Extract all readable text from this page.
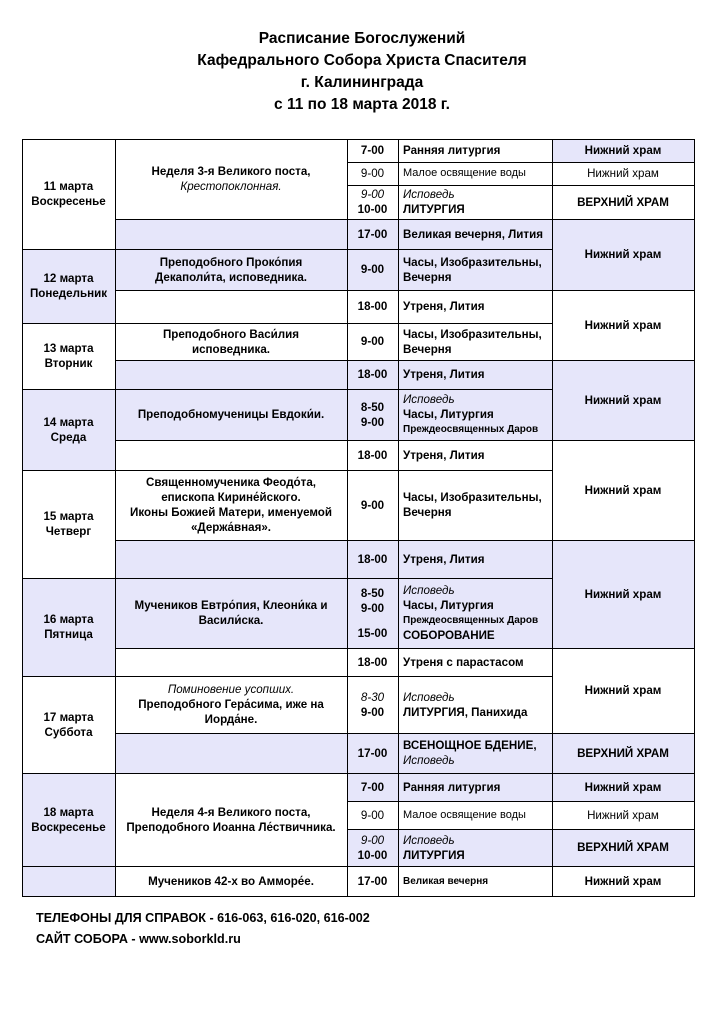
Расписание Богослужений
Кафедрального Собора Христа Спасителя
г. Калининграда
с 11 по 18 марта 2018 г.
11 марта
Воскресенье
12 марта
Понедельник
13 марта
Вторник
14 марта
Среда
15 марта
Четверг
16 марта
Пятница
17 марта
Суббота
18 марта
Воскресенье
Неделя 3-я Великого поста,
Крестопоклонная.
Преподобного Проко́пия
Декаполи́та, исповедника.
Преподобного Васи́лия
исповедника.
Преподобномученицы Евдоки́и.
Священномученика Феодо́та,
епископа Кирине́йского.
Иконы Божией Матери, именуемой
«Держа́вная».
Мучеников Евтро́пия, Клеони́ка и
Васили́ска.
Поминовение усопших.
Преподобного Гера́сима, иже на
Иорда́не.
Неделя 4-я Великого поста,
Преподобного Иоанна Ле́ствичника.
Мучеников 42-х во Амморе́е.
7-00 Ранняя литургия
9-00 Малое освящение воды
9-00
10-00
Исповедь
ЛИТУРГИЯ
17-00 Великая вечерня, Лития
9-00
Часы, Изобразительны,
Вечерня
18-00 Утреня, Лития
9-00
Часы, Изобразительны,
Вечерня
18-00 Утреня, Лития
8-50
9-00
Исповедь
Часы, Литургия
Преждеосвященных Даров
18-00 Утреня, Лития
9-00
Часы, Изобразительны,
Вечерня
18-00 Утреня, Лития
8-50
9-00
15-00
Исповедь
Часы, Литургия
Преждеосвященных Даров
СОБОРОВАНИЕ
18-00 Утреня с парастасом
8-30
9-00
Исповедь
ЛИТУРГИЯ, Панихида
17-00
ВСЕНОЩНОЕ БДЕНИЕ,
Исповедь
7-00 Ранняя литургия
9-00 Малое освящение воды
9-00
10-00
Исповедь
ЛИТУРГИЯ
17-00 Великая вечерня
Нижний храм
Нижний храм
ВЕРХНИЙ ХРАМ
Нижний храм
Нижний храм
Нижний храм
Нижний храм
Нижний храм
Нижний храм
ВЕРХНИЙ ХРАМ
Нижний храм
Нижний храм
ВЕРХНИЙ ХРАМ
Нижний храм
ТЕЛЕФОНЫ ДЛЯ СПРАВОК - 616-063, 616-020, 616-002
САЙТ СОБОРА - www.soborkld.ru
